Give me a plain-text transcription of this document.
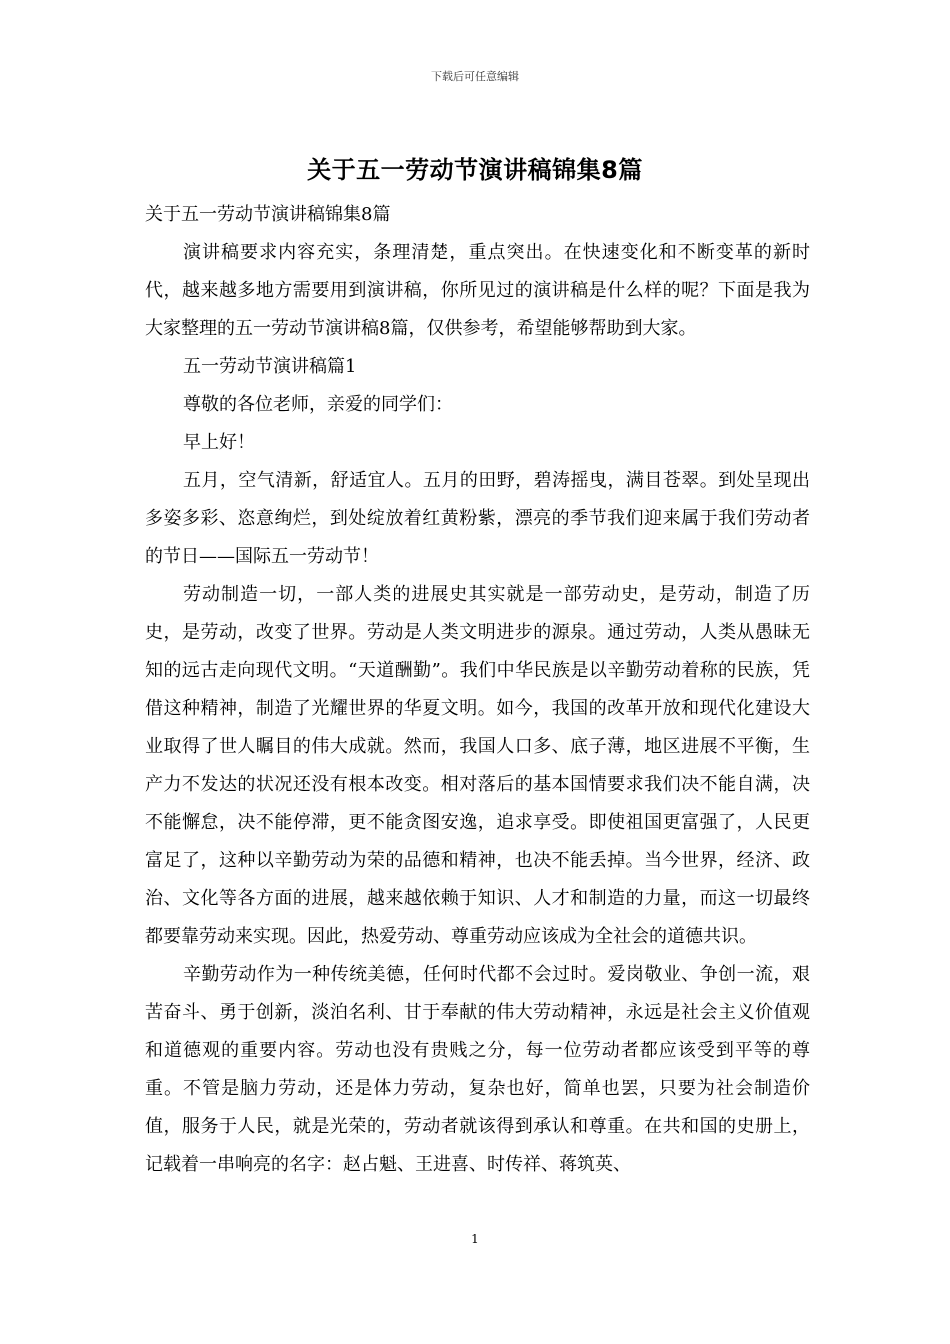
下载后可任意编辑
关于五一劳动节演讲稿锦集8篇

关于五一劳动节演讲稿锦集8篇

演讲稿要求内容充实，条理清楚，重点突出。在快速变化和不断变革的新时代，越来越多地方需要用到演讲稿，你所见过的演讲稿是什么样的呢？下面是我为大家整理的五一劳动节演讲稿8篇，仅供参考，希望能够帮助到大家。

五一劳动节演讲稿篇1

尊敬的各位老师，亲爱的同学们：

早上好！

五月，空气清新，舒适宜人。五月的田野，碧涛摇曳，满目苍翠。到处呈现出多姿多彩、恣意绚烂，到处绽放着红黄粉紫，漂亮的季节我们迎来属于我们劳动者的节日——国际五一劳动节！

劳动制造一切，一部人类的进展史其实就是一部劳动史，是劳动，制造了历史，是劳动，改变了世界。劳动是人类文明进步的源泉。通过劳动，人类从愚昧无知的远古走向现代文明。“天道酬勤”。我们中华民族是以辛勤劳动着称的民族，凭借这种精神，制造了光耀世界的华夏文明。如今，我国的改革开放和现代化建设大业取得了世人瞩目的伟大成就。然而，我国人口多、底子薄，地区进展不平衡，生产力不发达的状况还没有根本改变。相对落后的基本国情要求我们决不能自满，决不能懈怠，决不能停滞，更不能贪图安逸，追求享受。即使祖国更富强了，人民更富足了，这种以辛勤劳动为荣的品德和精神，也决不能丢掉。当今世界，经济、政治、文化等各方面的进展，越来越依赖于知识、人才和制造的力量，而这一切最终都要靠劳动来实现。因此，热爱劳动、尊重劳动应该成为全社会的道德共识。

辛勤劳动作为一种传统美德，任何时代都不会过时。爱岗敬业、争创一流，艰苦奋斗、勇于创新，淡泊名利、甘于奉献的伟大劳动精神，永远是社会主义价值观和道德观的重要内容。劳动也没有贵贱之分，每一位劳动者都应该受到平等的尊重。不管是脑力劳动，还是体力劳动，复杂也好，简单也罢，只要为社会制造价值，服务于人民，就是光荣的，劳动者就该得到承认和尊重。在共和国的史册上，记载着一串响亮的名字：赵占魁、王进喜、时传祥、蒋筑英、

1
